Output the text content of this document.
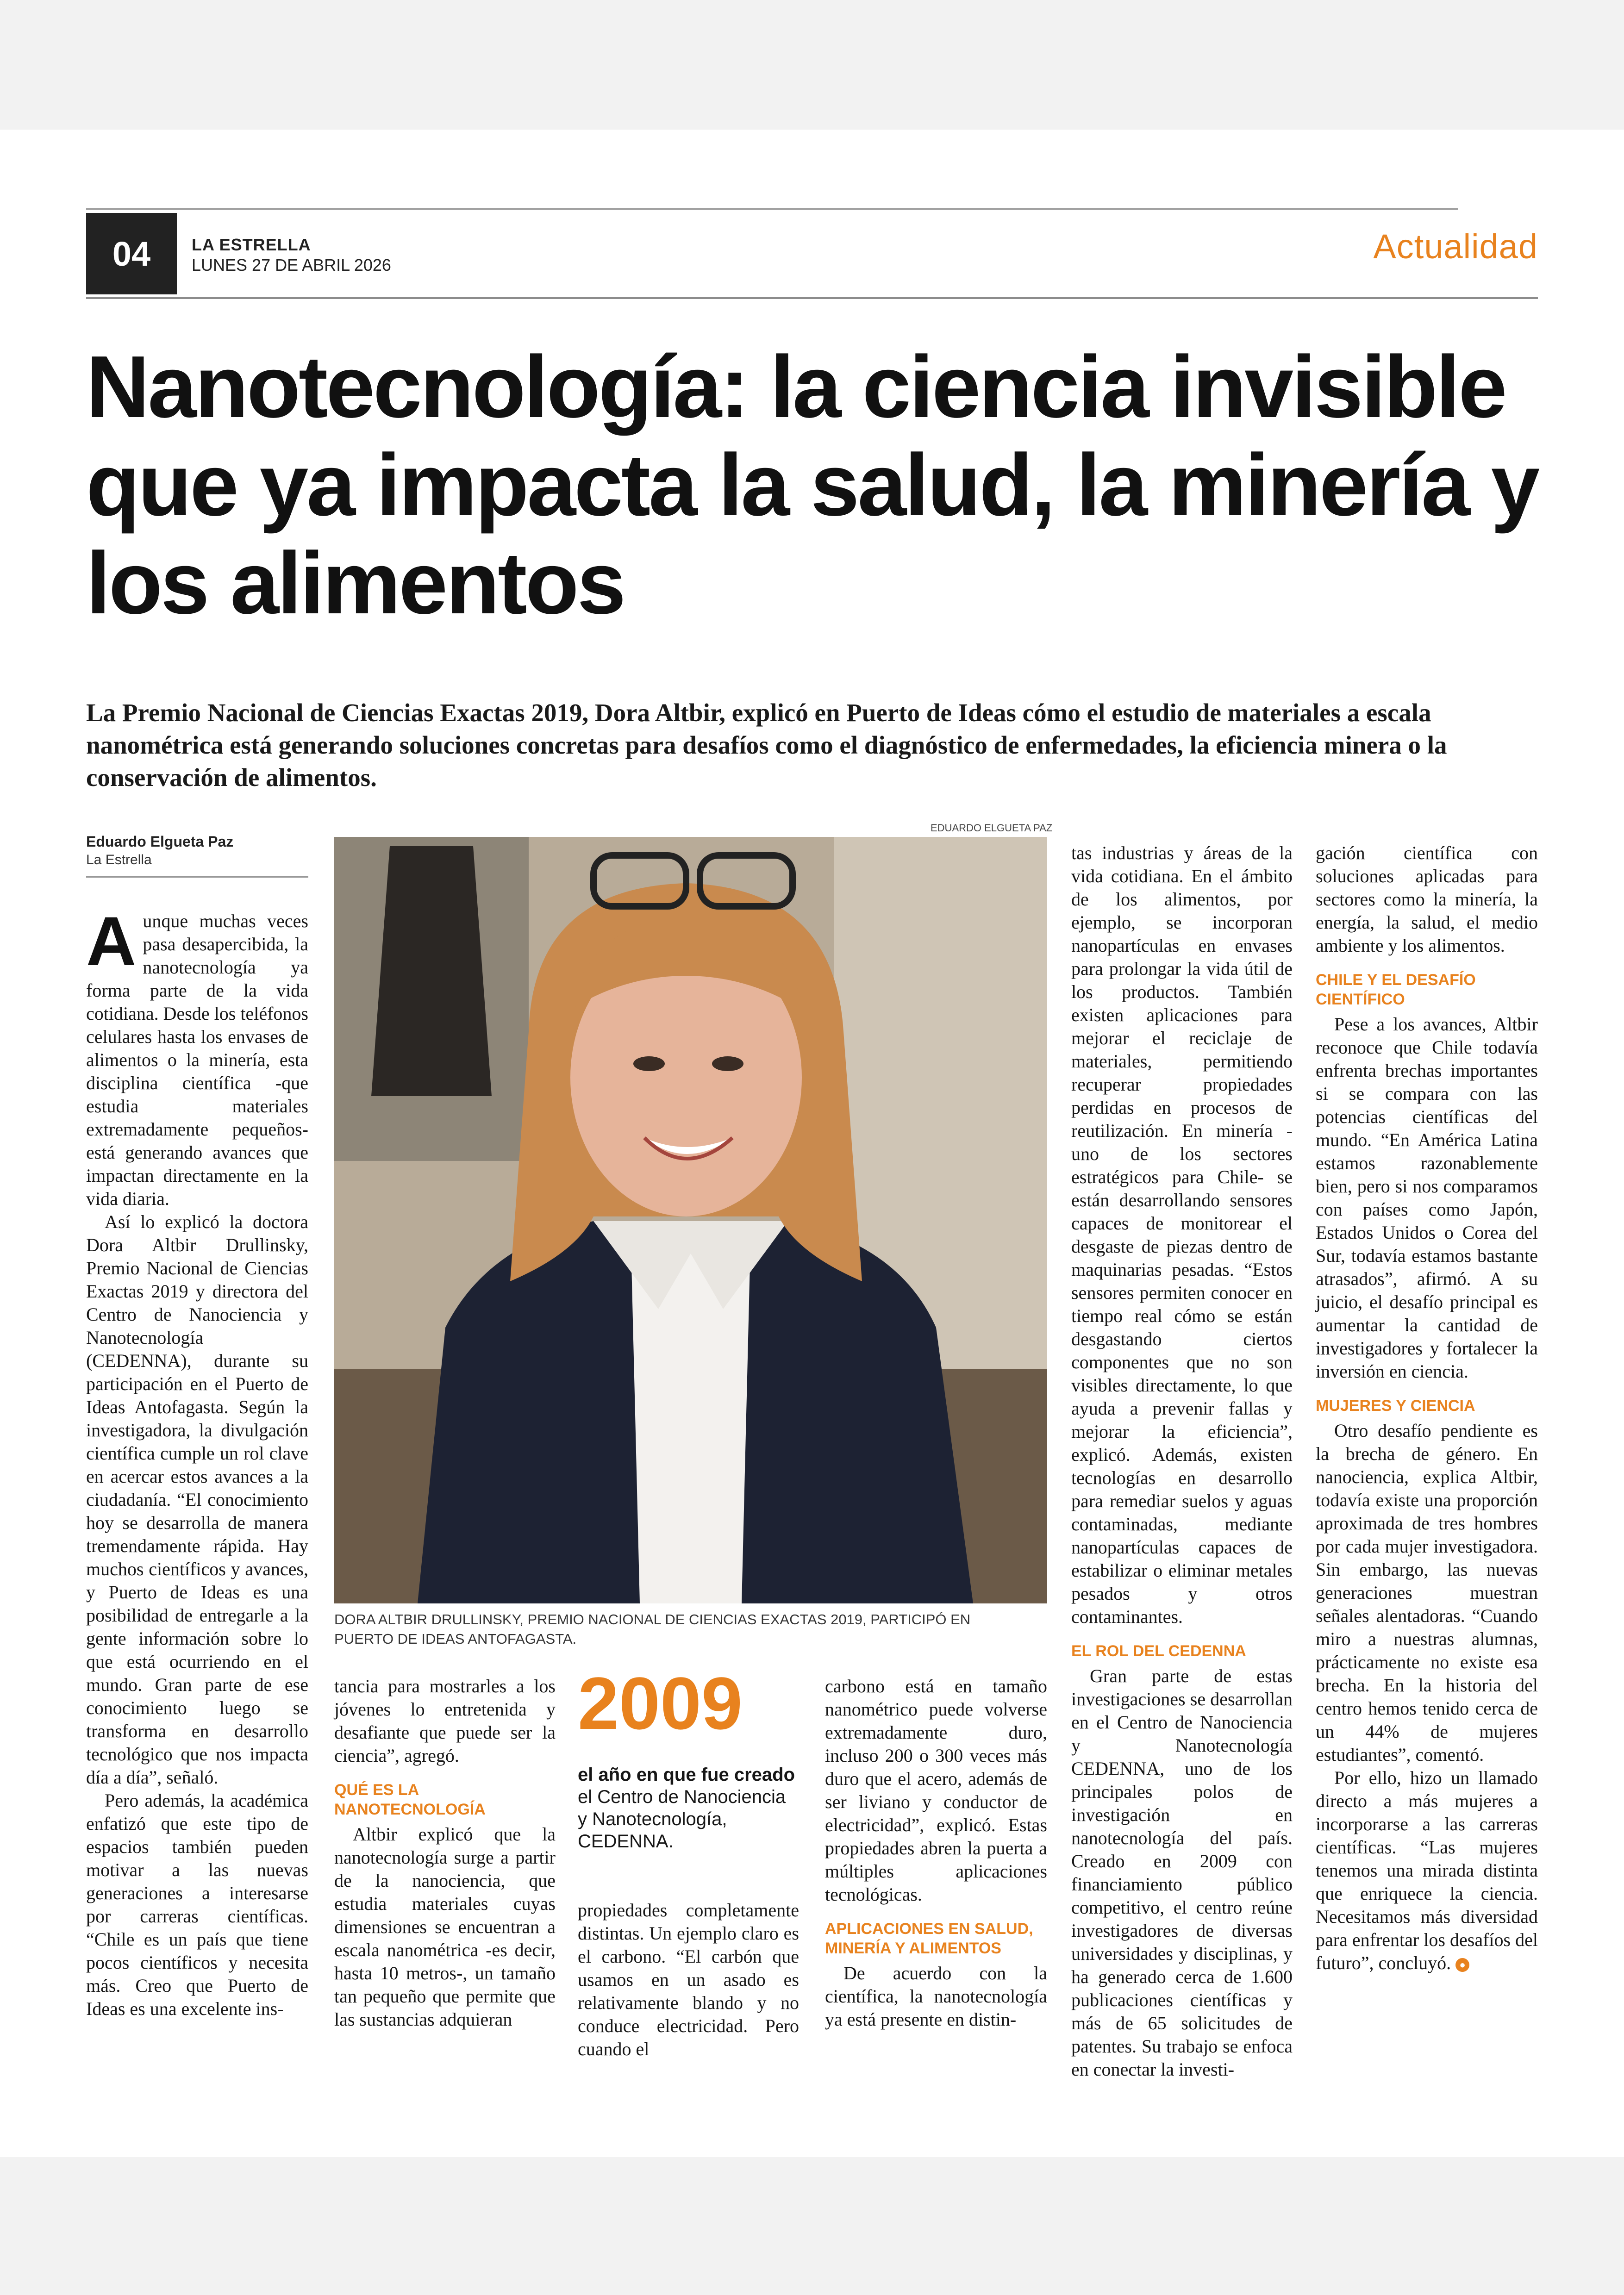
04	LA ESTRELLA
LUNES 27 DE ABRIL 2026	Actualidad
Nanotecnología: la ciencia invisible que ya impacta la salud, la minería y los alimentos

La Premio Nacional de Ciencias Exactas 2019, Dora Altbir, explicó en Puerto de Ideas cómo el estudio de materiales a escala nanométrica está generando soluciones concretas para desafíos como el diagnóstico de enfermedades, la eficiencia minera o la conservación de alimentos.

Eduardo Elgueta Paz
La Estrella

Aunque muchas veces pasa desapercibida, la nanotecnología ya forma parte de la vida cotidiana. Desde los teléfonos celulares hasta los envases de alimentos o la minería, esta disciplina científica -que estudia materiales extremadamente pequeños- está generando avances que impactan directamente en la vida diaria.

Así lo explicó la doctora Dora Altbir Drullinsky, Premio Nacional de Ciencias Exactas 2019 y directora del Centro de Nanociencia y Nanotecnología (CEDENNA), durante su participación en el Puerto de Ideas Antofagasta. Según la investigadora, la divulgación científica cumple un rol clave en acercar estos avances a la ciudadanía. “El conocimiento hoy se desarrolla de manera tremendamente rápida. Hay muchos científicos y avances, y Puerto de Ideas es una posibilidad de entregarle a la gente información sobre lo que está ocurriendo en el mundo. Gran parte de ese conocimiento luego se transforma en desarrollo tecnológico que nos impacta día a día”, señaló.

Pero además, la académica enfatizó que este tipo de espacios también pueden motivar a las nuevas generaciones a interesarse por carreras científicas. “Chile es un país que tiene pocos científicos y necesita más. Creo que Puerto de Ideas es una excelente ins-

EDUARDO ELGUETA PAZ

DORA ALTBIR DRULLINSKY, PREMIO NACIONAL DE CIENCIAS EXACTAS 2019, PARTICIPÓ EN PUERTO DE IDEAS ANTOFAGASTA.

tancia para mostrarles a los jóvenes lo entretenida y desafiante que puede ser la ciencia”, agregó.

QUÉ ES LA NANOTECNOLOGÍA

Altbir explicó que la nanotecnología surge a partir de la nanociencia, que estudia materiales cuyas dimensiones se encuentran a escala nanométrica -es decir, hasta 10 metros-, un tamaño tan pequeño que permite que las sustancias adquieran

2009

el año en que fue creado el Centro de Nanociencia y Nanotecnología, CEDENNA.

propiedades completamente distintas. Un ejemplo claro es el carbono. “El carbón que usamos en un asado es relativamente blando y no conduce electricidad. Pero cuando el

carbono está en tamaño nanométrico puede volverse extremadamente duro, incluso 200 o 300 veces más duro que el acero, además de ser liviano y conductor de electricidad”, explicó. Estas propiedades abren la puerta a múltiples aplicaciones tecnológicas.

APLICACIONES EN SALUD, MINERÍA Y ALIMENTOS

De acuerdo con la científica, la nanotecnología ya está presente en distin-

tas industrias y áreas de la vida cotidiana. En el ámbito de los alimentos, por ejemplo, se incorporan nanopartículas en envases para prolongar la vida útil de los productos. También existen aplicaciones para mejorar el reciclaje de materiales, permitiendo recuperar propiedades perdidas en procesos de reutilización. En minería -uno de los sectores estratégicos para Chile- se están desarrollando sensores capaces de monitorear el desgaste de piezas dentro de maquinarias pesadas. “Estos sensores permiten conocer en tiempo real cómo se están desgastando ciertos componentes que no son visibles directamente, lo que ayuda a prevenir fallas y mejorar la eficiencia”, explicó. Además, existen tecnologías en desarrollo para remediar suelos y aguas contaminadas, mediante nanopartículas capaces de estabilizar o eliminar metales pesados y otros contaminantes.

EL ROL DEL CEDENNA

Gran parte de estas investigaciones se desarrollan en el Centro de Nanociencia y Nanotecnología CEDENNA, uno de los principales polos de investigación en nanotecnología del país. Creado en 2009 con financiamiento público competitivo, el centro reúne investigadores de diversas universidades y disciplinas, y ha generado cerca de 1.600 publicaciones científicas y más de 65 solicitudes de patentes. Su trabajo se enfoca en conectar la investi-

gación científica con soluciones aplicadas para sectores como la minería, la energía, la salud, el medio ambiente y los alimentos.

CHILE Y EL DESAFÍO CIENTÍFICO

Pese a los avances, Altbir reconoce que Chile todavía enfrenta brechas importantes si se compara con las potencias científicas del mundo. “En América Latina estamos razonablemente bien, pero si nos comparamos con países como Japón, Estados Unidos o Corea del Sur, todavía estamos bastante atrasados”, afirmó. A su juicio, el desafío principal es aumentar la cantidad de investigadores y fortalecer la inversión en ciencia.

MUJERES Y CIENCIA

Otro desafío pendiente es la brecha de género. En nanociencia, explica Altbir, todavía existe una proporción aproximada de tres hombres por cada mujer investigadora. Sin embargo, las nuevas generaciones muestran señales alentadoras. “Cuando miro a nuestras alumnas, prácticamente no existe esa brecha. En la historia del centro hemos tenido cerca de un 44% de mujeres estudiantes”, comentó.

Por ello, hizo un llamado directo a más mujeres a incorporarse a las carreras científicas. “Las mujeres tenemos una mirada distinta que enriquece la ciencia. Necesitamos más diversidad para enfrentar los desafíos del futuro”, concluyó. ●
